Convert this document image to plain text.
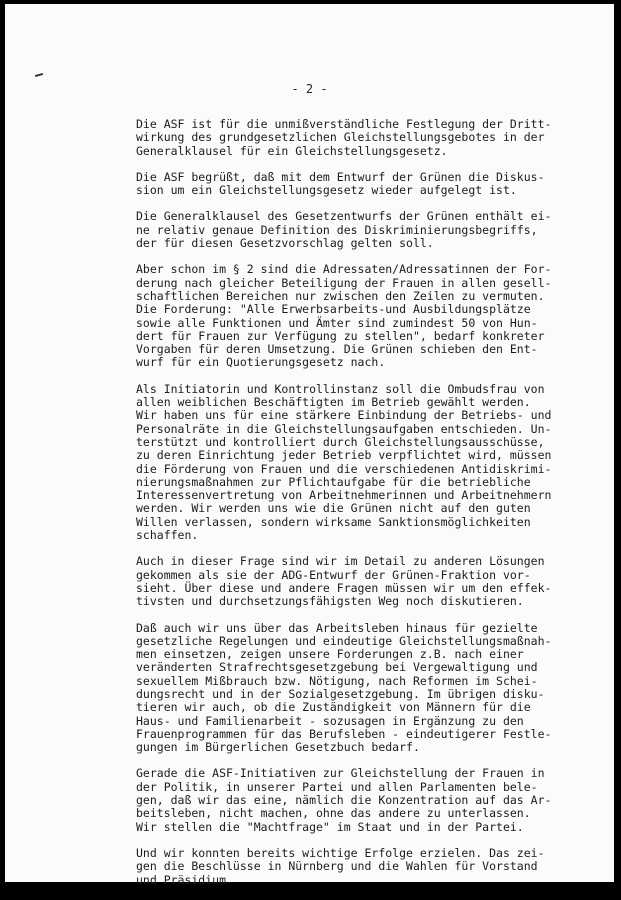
- 2 -
Die ASF ist für die unmißverständliche Festlegung der Dritt-
wirkung des grundgesetzlichen Gleichstellungsgebotes in der
Generalklausel für ein Gleichstellungsgesetz.
Die ASF begrüßt, daß mit dem Entwurf der Grünen die Diskus-
sion um ein Gleichstellungsgesetz wieder aufgelegt ist.
Die Generalklausel des Gesetzentwurfs der Grünen enthält ei-
ne relativ genaue Definition des Diskriminierungsbegriffs,
der für diesen Gesetzvorschlag gelten soll.
Aber schon im § 2 sind die Adressaten/Adressatinnen der For-
derung nach gleicher Beteiligung der Frauen in allen gesell-
schaftlichen Bereichen nur zwischen den Zeilen zu vermuten.
Die Forderung: "Alle Erwerbsarbeits-und Ausbildungsplätze
sowie alle Funktionen und Ämter sind zumindest 50 von Hun-
dert für Frauen zur Verfügung zu stellen", bedarf konkreter
Vorgaben für deren Umsetzung. Die Grünen schieben den Ent-
wurf für ein Quotierungsgesetz nach.
Als Initiatorin und Kontrollinstanz soll die Ombudsfrau von
allen weiblichen Beschäftigten im Betrieb gewählt werden.
Wir haben uns für eine stärkere Einbindung der Betriebs- und
Personalräte in die Gleichstellungsaufgaben entschieden. Un-
terstützt und kontrolliert durch Gleichstellungsausschüsse,
zu deren Einrichtung jeder Betrieb verpflichtet wird, müssen
die Förderung von Frauen und die verschiedenen Antidiskrimi-
nierungsmaßnahmen zur Pflichtaufgabe für die betriebliche
Interessenvertretung von Arbeitnehmerinnen und Arbeitnehmern
werden. Wir werden uns wie die Grünen nicht auf den guten
Willen verlassen, sondern wirksame Sanktionsmöglichkeiten
schaffen.
Auch in dieser Frage sind wir im Detail zu anderen Lösungen
gekommen als sie der ADG-Entwurf der Grünen-Fraktion vor-
sieht. Über diese und andere Fragen müssen wir um den effek-
tivsten und durchsetzungsfähigsten Weg noch diskutieren.
Daß auch wir uns über das Arbeitsleben hinaus für gezielte
gesetzliche Regelungen und eindeutige Gleichstellungsmaßnah-
men einsetzen, zeigen unsere Forderungen z.B. nach einer
veränderten Strafrechtsgesetzgebung bei Vergewaltigung und
sexuellem Mißbrauch bzw. Nötigung, nach Reformen im Schei-
dungsrecht und in der Sozialgesetzgebung. Im übrigen disku-
tieren wir auch, ob die Zuständigkeit von Männern für die
Haus- und Familienarbeit - sozusagen in Ergänzung zu den
Frauenprogrammen für das Berufsleben - eindeutigerer Festle-
gungen im Bürgerlichen Gesetzbuch bedarf.
Gerade die ASF-Initiativen zur Gleichstellung der Frauen in
der Politik, in unserer Partei und allen Parlamenten bele-
gen, daß wir das eine, nämlich die Konzentration auf das Ar-
beitsleben, nicht machen, ohne das andere zu unterlassen.
Wir stellen die "Machtfrage" im Staat und in der Partei.
Und wir konnten bereits wichtige Erfolge erzielen. Das zei-
gen die Beschlüsse in Nürnberg und die Wahlen für Vorstand
und Präsidium.
